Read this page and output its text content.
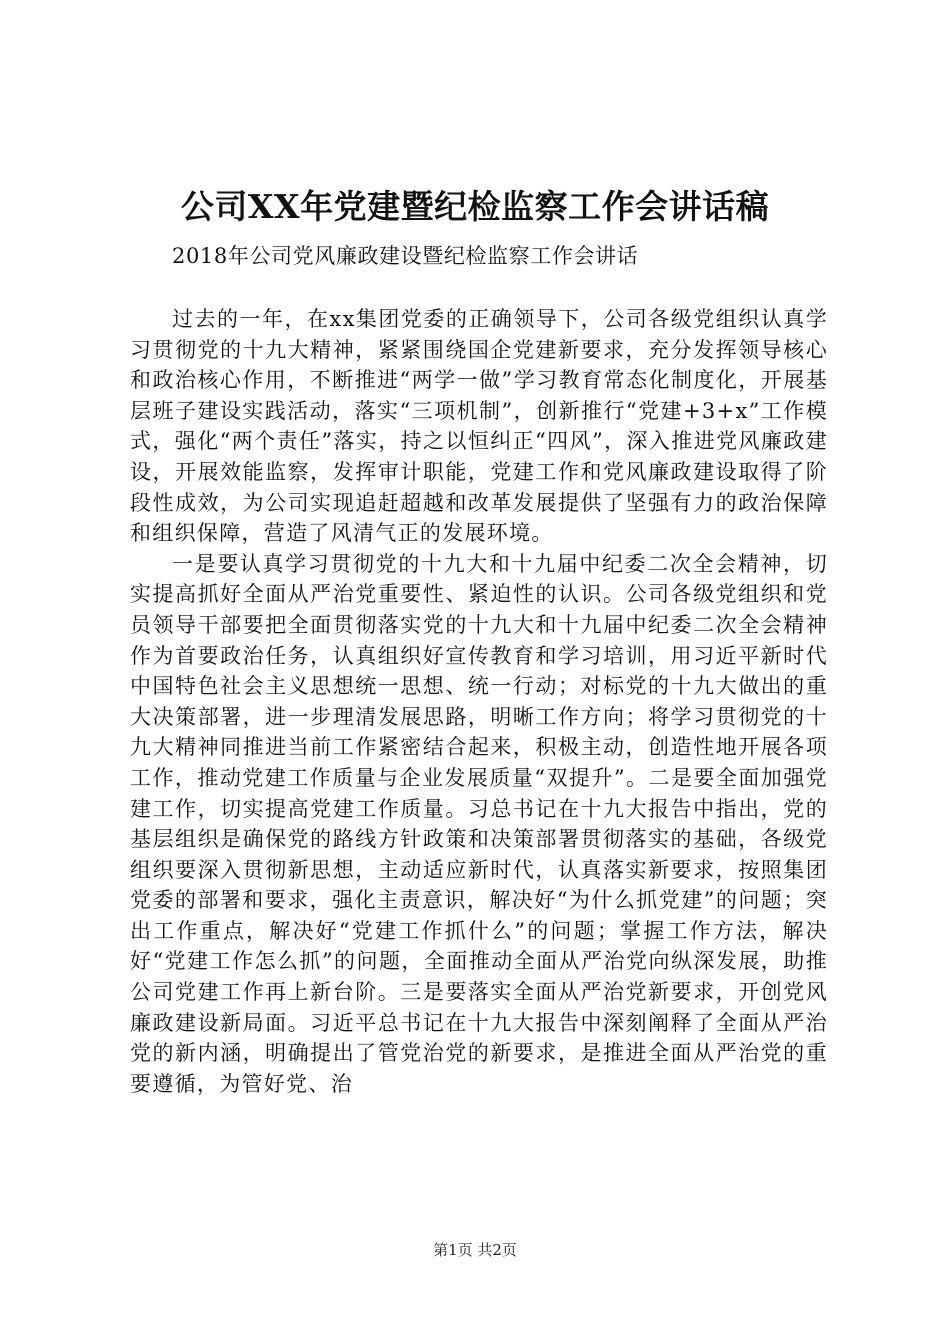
公司XX年党建暨纪检监察工作会讲话稿
2018年公司党风廉政建设暨纪检监察工作会讲话

过去的一年，在xx集团党委的正确领导下，公司各级党组织认真学习贯彻党的十九大精神，紧紧围绕国企党建新要求，充分发挥领导核心和政治核心作用，不断推进“两学一做”学习教育常态化制度化，开展基层班子建设实践活动，落实“三项机制”，创新推行“党建+3+x”工作模式，强化“两个责任”落实，持之以恒纠正“四风”，深入推进党风廉政建设，开展效能监察，发挥审计职能，党建工作和党风廉政建设取得了阶段性成效，为公司实现追赶超越和改革发展提供了坚强有力的政治保障和组织保障，营造了风清气正的发展环境。

一是要认真学习贯彻党的十九大和十九届中纪委二次全会精神，切实提高抓好全面从严治党重要性、紧迫性的认识。公司各级党组织和党员领导干部要把全面贯彻落实党的十九大和十九届中纪委二次全会精神作为首要政治任务，认真组织好宣传教育和学习培训，用习近平新时代中国特色社会主义思想统一思想、统一行动；对标党的十九大做出的重大决策部署，进一步理清发展思路，明晰工作方向；将学习贯彻党的十九大精神同推进当前工作紧密结合起来，积极主动，创造性地开展各项工作，推动党建工作质量与企业发展质量“双提升”。二是要全面加强党建工作，切实提高党建工作质量。习总书记在十九大报告中指出，党的基层组织是确保党的路线方针政策和决策部署贯彻落实的基础，各级党组织要深入贯彻新思想，主动适应新时代，认真落实新要求，按照集团党委的部署和要求，强化主责意识，解决好“为什么抓党建”的问题；突出工作重点，解决好“党建工作抓什么”的问题；掌握工作方法，解决好“党建工作怎么抓”的问题，全面推动全面从严治党向纵深发展，助推公司党建工作再上新台阶。三是要落实全面从严治党新要求，开创党风廉政建设新局面。习近平总书记在十九大报告中深刻阐释了全面从严治党的新内涵，明确提出了管党治党的新要求，是推进全面从严治党的重要遵循，为管好党、治

第1页 共2页
